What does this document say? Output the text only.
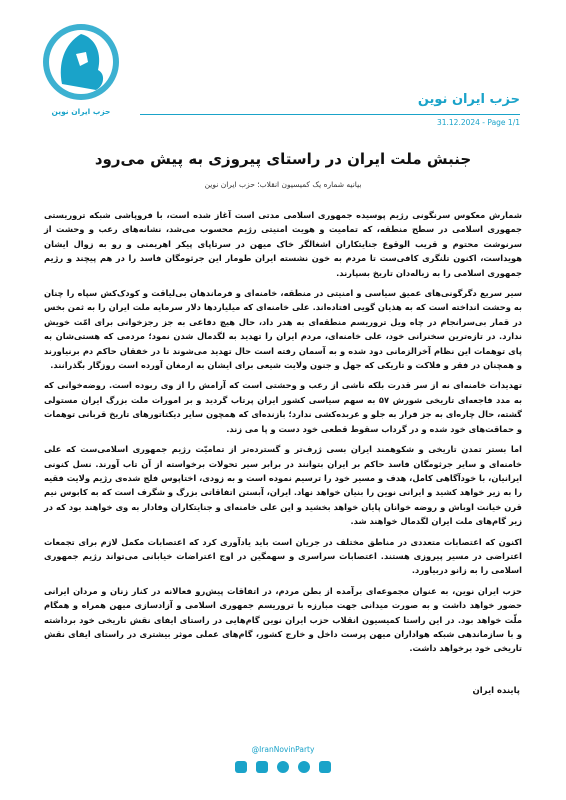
حزب ایران نوین
حزب ایران نوین
31.12.2024 - Page 1/1
جنبش ملت ایران در راستای پیروزی به پیش می‌رود
بیانیه شماره یک کمیسیون انقلاب؛ حزب ایران نوین

شمارش معکوس سرنگونی رژیم پوسیده جمهوری اسلامی مدتی است آغاز شده است، با فروپاشی شبکه تروریستی جمهوری اسلامی در سطح منطقه، که تمامیت و هویت امنیتی رژیم محسوب می‌شد، نشانه‌های رعب و وحشت از سرنوشت محتوم و قریب الوقوع جنایتکاران اشغالگر خاک میهن در سرتاپای پیکر اهریمنی و رو به زوال ایشان هویداست، اکنون تلنگری کافی‌ست تا مردم به خون نشسته ایران طومار این جرثومگان فاسد را در هم پیچند و رژیم جمهوری اسلامی را به زباله‌دان تاریخ بسپارند.

سیر سریع دگرگونی‌های عمیق سیاسی و امنیتی در منطقه، خامنه‌ای و فرماندهان بی‌لیاقت و کودک‌کش سپاه را چنان به وحشت انداخته است که به هذیان گویی افتاده‌اند. علی خامنه‌ای که میلیاردها دلار سرمایه ملت ایران را به ثمن بخس در قمار بی‌سرانجام در چاه ویل تروریسم منطقه‌ای به هدر داد، حال هیچ دفاعی به جز رجزخوانی برای امّت خویش ندارد. در تازه‌ترین سخنرانی خود، علی خامنه‌ای، مردم ایران را تهدید به لگدمال شدن نمود؛ مردمی که هستی‌شان به پای توهمات این نظام آخرالزمانی دود شده و به آسمان رفته است حال تهدید می‌شوند تا در خفقان حاکم دم برنیاورند و همچنان در فقر و فلاکت و تاریکی که جهل و جنون ولایت شیعی برای ایشان به ارمغان آورده است روزگار بگذرانند.

تهدیدات خامنه‌ای نه از سر قدرت بلکه ناشی از رعب و وحشتی است که آرامش را از وی ربوده است. روضه‌خوانی که به مدد فاجعه‌ای تاریخی شورش ۵۷ به سهم سیاسی کشور ایران پرتاب گردید و بر امورات ملت بزرگ ایران مستولی گشته، حال چاره‌ای به جز فرار به جلو و عربده‌کشی ندارد؛ بازنده‌ای که همچون سایر دیکتاتورهای تاریخ قربانی توهمات و حماقت‌های خود شده و در گرداب سقوط قطعی خود دست و پا می زند.

اما بستر تمدن تاریخی و شکوهمند ایران بسی ژرف‌تر و گسترده‌تر از تمامیّت رژیم جمهوری اسلامی‌ست که علی خامنه‌ای و سایر جرثومگان فاسد حاکم بر ایران بتوانند در برابر سیر تحولات برخواسته از آن تاب آورند. نسل کنونی ایرانیان، با خودآگاهی کامل، هدف و مسیر خود را ترسیم نموده است و به زودی، اختاپوس فلج شده‌ی رژیم ولایت فقیه را به زیر خواهد کشید و ایرانی نوین را بنیان خواهد نهاد. ایران، آبستن اتفاقاتی بزرگ و شگرف است که به کابوس نیم قرن خیانت اوباش و روضه خوانان پایان خواهد بخشید و این علی خامنه‌ای و جنایتکاران وفادار به وی خواهند بود که در زیر گام‌های ملت ایران لگدمال خواهند شد.

اکنون که اعتصابات متعددی در مناطق مختلف در جریان است باید یادآوری کرد که اعتصابات مکمل لازم برای تجمعات اعتراضی در مسیر پیروزی هستند. اعتصابات سراسری و سهمگین در اوج اعتراضات خیابانی می‌تواند رژیم جمهوری اسلامی را به زانو دربیاورد.

حزب ایران نوین، به عنوان مجموعه‌ای برآمده از بطن مردم، در اتفاقات پیش‌رو فعالانه در کنار زنان و مردان ایرانی حضور خواهد داشت و به صورت میدانی جهت مبارزه با تروریسم جمهوری اسلامی و آزادسازی میهن همراه و همگام ملّت خواهد بود. در این راستا کمیسیون انقلاب حزب ایران نوین گام‌هایی در راستای ایفای نقش تاریخی خود برداشته و با سازماندهی شبکه هواداران میهن پرست داخل و خارج کشور، گام‌های عملی موثر بیشتری در راستای ایفای نقش تاریخی خود برخواهد داشت.

پاینده ایران
@IranNovinParty
